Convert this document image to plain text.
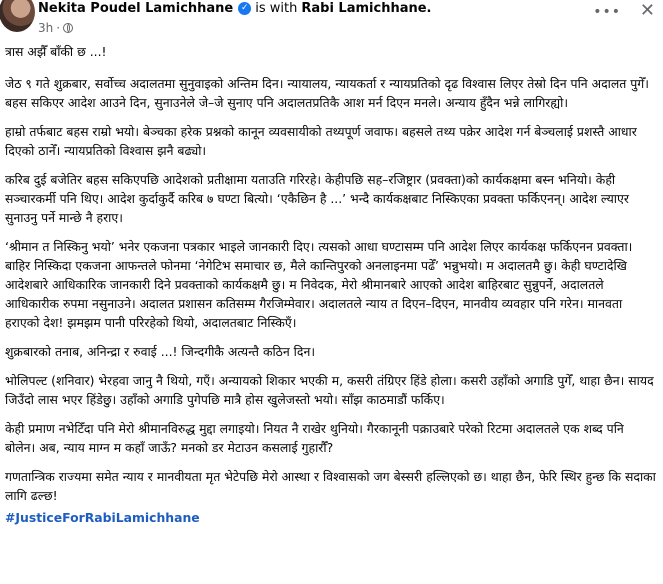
Nekita Poudel Lamichhane ✓ is with Rabi Lamichhane.
3h ·
••• ✕

त्रास अझैँ बाँकी छ ...!

जेठ ९ गते शुक्रबार, सर्वोच्च अदालतमा सुनुवाइको अन्तिम दिन। न्यायालय, न्यायकर्ता र न्यायप्रतिको दृढ विश्वास लिएर तेस्रो दिन पनि अदालत पुगेँ। बहस सकिएर आदेश आउने दिन, सुनाउनेले जे–जे सुनाए पनि अदालतप्रतिकै आश मर्न दिएन मनले। अन्याय हुँदैन भन्ने लागिरह्यो।

हाम्रो तर्फबाट बहस राम्रो भयो। बेञ्चका हरेक प्रश्नको कानून व्यवसायीको तथ्यपूर्ण जवाफ। बहसले तथ्य पक्रेर आदेश गर्न बेञ्चलाई प्रशस्तै आधार दिएको ठानेँ। न्यायप्रतिको विश्वास झनै बढ्यो।

करिब दुई बजेतिर बहस सकिएपछि आदेशको प्रतीक्षामा यताउति गरिरहे। केहीपछि सह–रजिष्ट्रार (प्रवक्ता)को कार्यकक्षमा बस्न भनियो। केही सञ्चारकर्मी पनि थिए। आदेश कुर्दाकुर्दै करिब ७ घण्टा बित्यो। ‘एकैछिन है ...’ भन्दै कार्यकक्षबाट निस्किएका प्रवक्ता फर्किएनन्। आदेश ल्याएर सुनाउनु पर्ने मान्छे नै हराए।

‘श्रीमान त निस्किनु भयो’ भनेर एकजना पत्रकार भाइले जानकारी दिए। त्यसको आधा घण्टासम्म पनि आदेश लिएर कार्यकक्ष फर्किएनन प्रवक्ता। बाहिर निस्किदा एकजना आफन्तले फोनमा ‘नेगेटिभ समाचार छ, मैले कान्तिपुरको अनलाइनमा पढेँ’ भन्नुभयो। म अदालतमै छु। केही घण्टादेखि आदेशबारे आधिकारिक जानकारी दिने प्रवक्ताको कार्यकक्षमै छु। म निवेदक, मेरो श्रीमानबारे आएको आदेश बाहिरबाट सुन्नुपर्ने, अदालतले आधिकारीक रुपमा नसुनाउने। अदालत प्रशासन कतिसम्म गैरजिम्मेवार। अदालतले न्याय त दिएन–दिएन, मानवीय व्यवहार पनि गरेन। मानवता हराएको देश! झमझम पानी परिरहेको थियो, अदालतबाट निस्किएँ।

शुक्रबारको तनाब, अनिन्द्रा र रुवाई ...! जिन्दगीकै अत्यन्तै कठिन दिन।

भोलिपल्ट (शनिवार) भेरहवा जानु नै थियो, गएँ। अन्यायको शिकार भएकी म, कसरी तंग्रिएर हिंडे होला। कसरी उहाँको अगाडि पुगेँ, थाहा छैन। सायद जिउँदो लास भएर हिंडेछु। उहाँको अगाडि पुगेपछि मात्रै होस खुलेजस्तो भयो। साँझ काठमाडौं फर्किए।

केही प्रमाण नभेटिँदा पनि मेरो श्रीमानविरुद्ध मुद्दा लगाइयो। नियत नै राखेर थुनियो। गैरकानूनी पक्राउबारे परेको रिटमा अदालतले एक शब्द पनि बोलेन। अब, न्याय माग्न म कहाँ जाऊँ? मनको डर मेटाउन कसलाई गुहारौँ?

गणतान्त्रिक राज्यमा समेत न्याय र मानवीयता मृत भेटेपछि मेरो आस्था र विश्वासको जग बेस्सरी हल्लिएको छ। थाहा छैन, फेरि स्थिर हुन्छ कि सदाका लागि ढल्छ!

#JusticeForRabiLamichhane
